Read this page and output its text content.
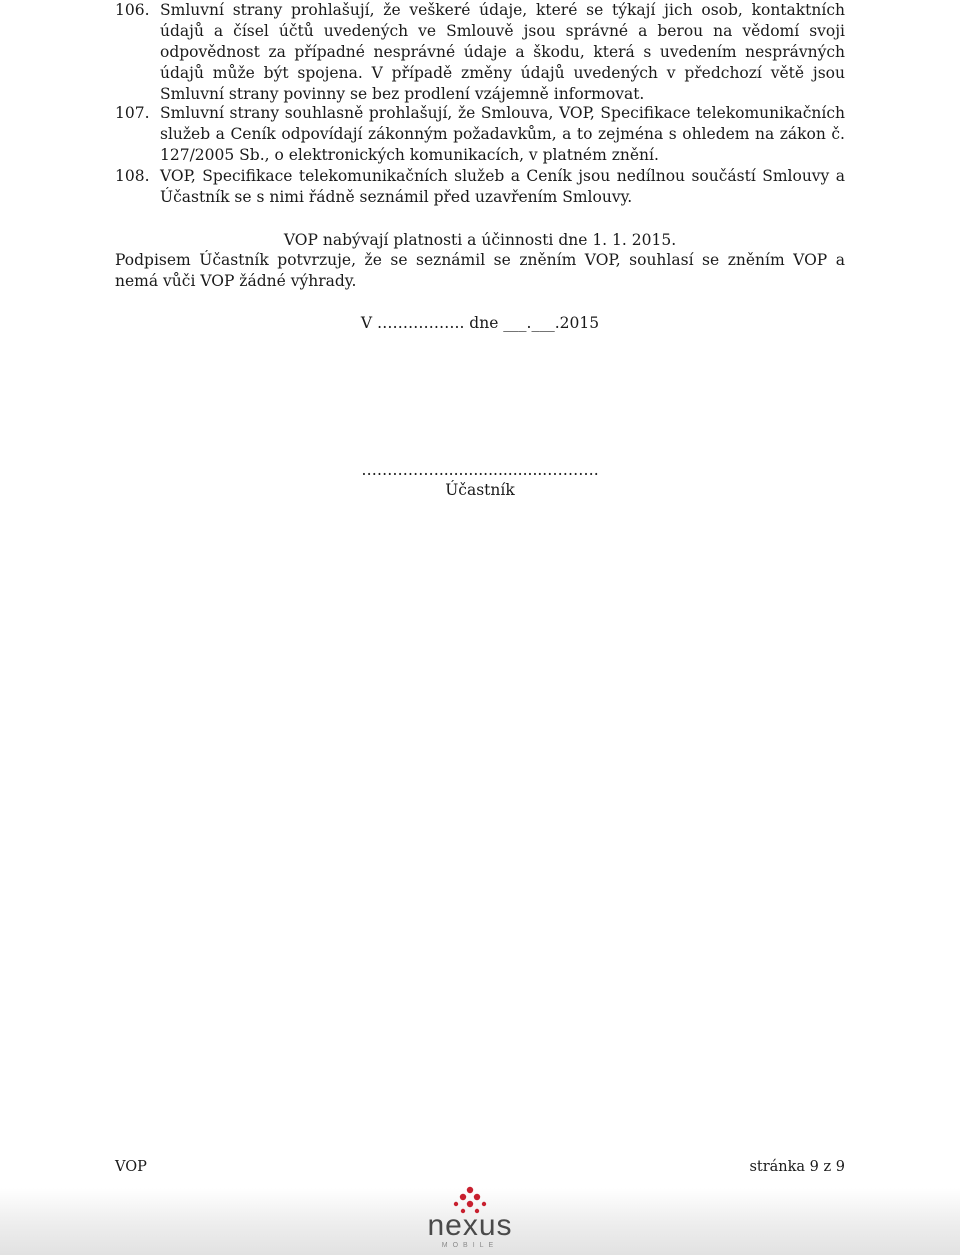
106. Smluvní strany prohlašují, že veškeré údaje, které se týkají jich osob, kontaktních údajů a čísel účtů uvedených ve Smlouvě jsou správné a berou na vědomí svoji odpovědnost za případné nesprávné údaje a škodu, která s uvedením nesprávných údajů může být spojena. V případě změny údajů uvedených v předchozí větě jsou Smluvní strany povinny se bez prodlení vzájemně informovat.
107. Smluvní strany souhlasně prohlašují, že Smlouva, VOP, Specifikace telekomunikačních služeb a Ceník odpovídají zákonným požadavkům, a to zejména s ohledem na zákon č. 127/2005 Sb., o elektronických komunikacích, v platném znění.
108. VOP, Specifikace telekomunikačních služeb a Ceník jsou nedílnou součástí Smlouvy a Účastník se s nimi řádně seznámil před uzavřením Smlouvy.
VOP nabývají platnosti a účinnosti dne 1. 1. 2015.
Podpisem Účastník potvrzuje, že se seznámil se zněním VOP, souhlasí se zněním VOP a nemá vůči VOP žádné výhrady.
V …………….. dne ___.___.2015
……………......................……….
Účastník
VOP	stránka 9 z 9
nexus
MOBILE
